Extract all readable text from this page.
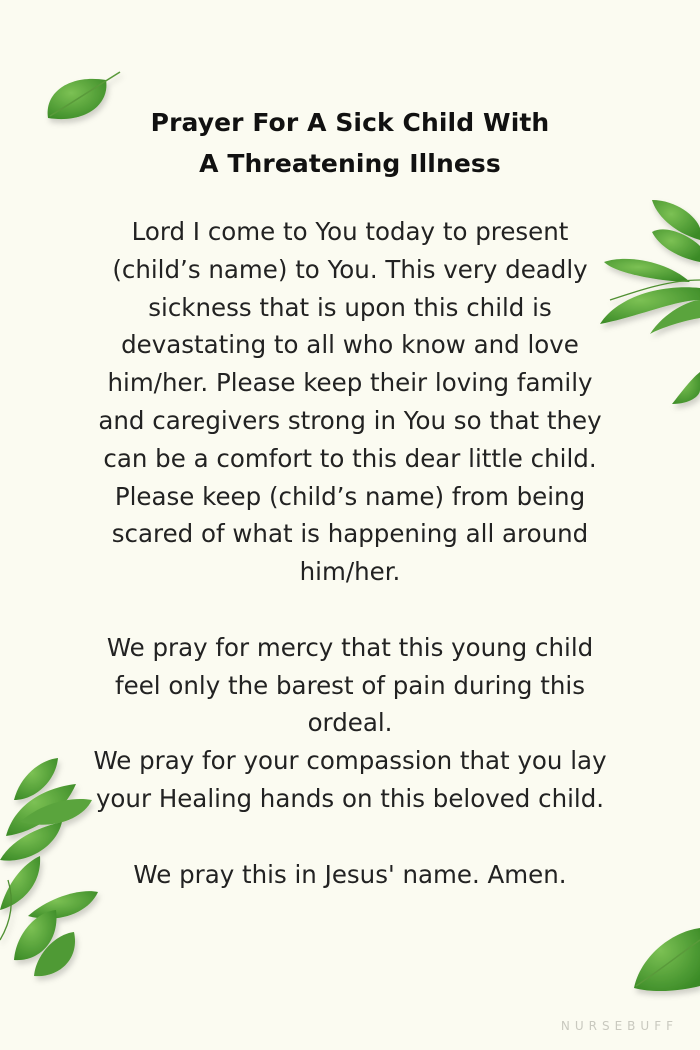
Prayer For A Sick Child With
A Threatening Illness
Lord I come to You today to present
(child’s name) to You. This very deadly
sickness that is upon this child is
devastating to all who know and love
him/her. Please keep their loving family
and caregivers strong in You so that they
can be a comfort to this dear little child.
Please keep (child’s name) from being
scared of what is happening all around
him/her.
We pray for mercy that this young child
feel only the barest of pain during this
ordeal.
We pray for your compassion that you lay
your Healing hands on this beloved child.
We pray this in Jesus' name. Amen.
NURSEBUFF
